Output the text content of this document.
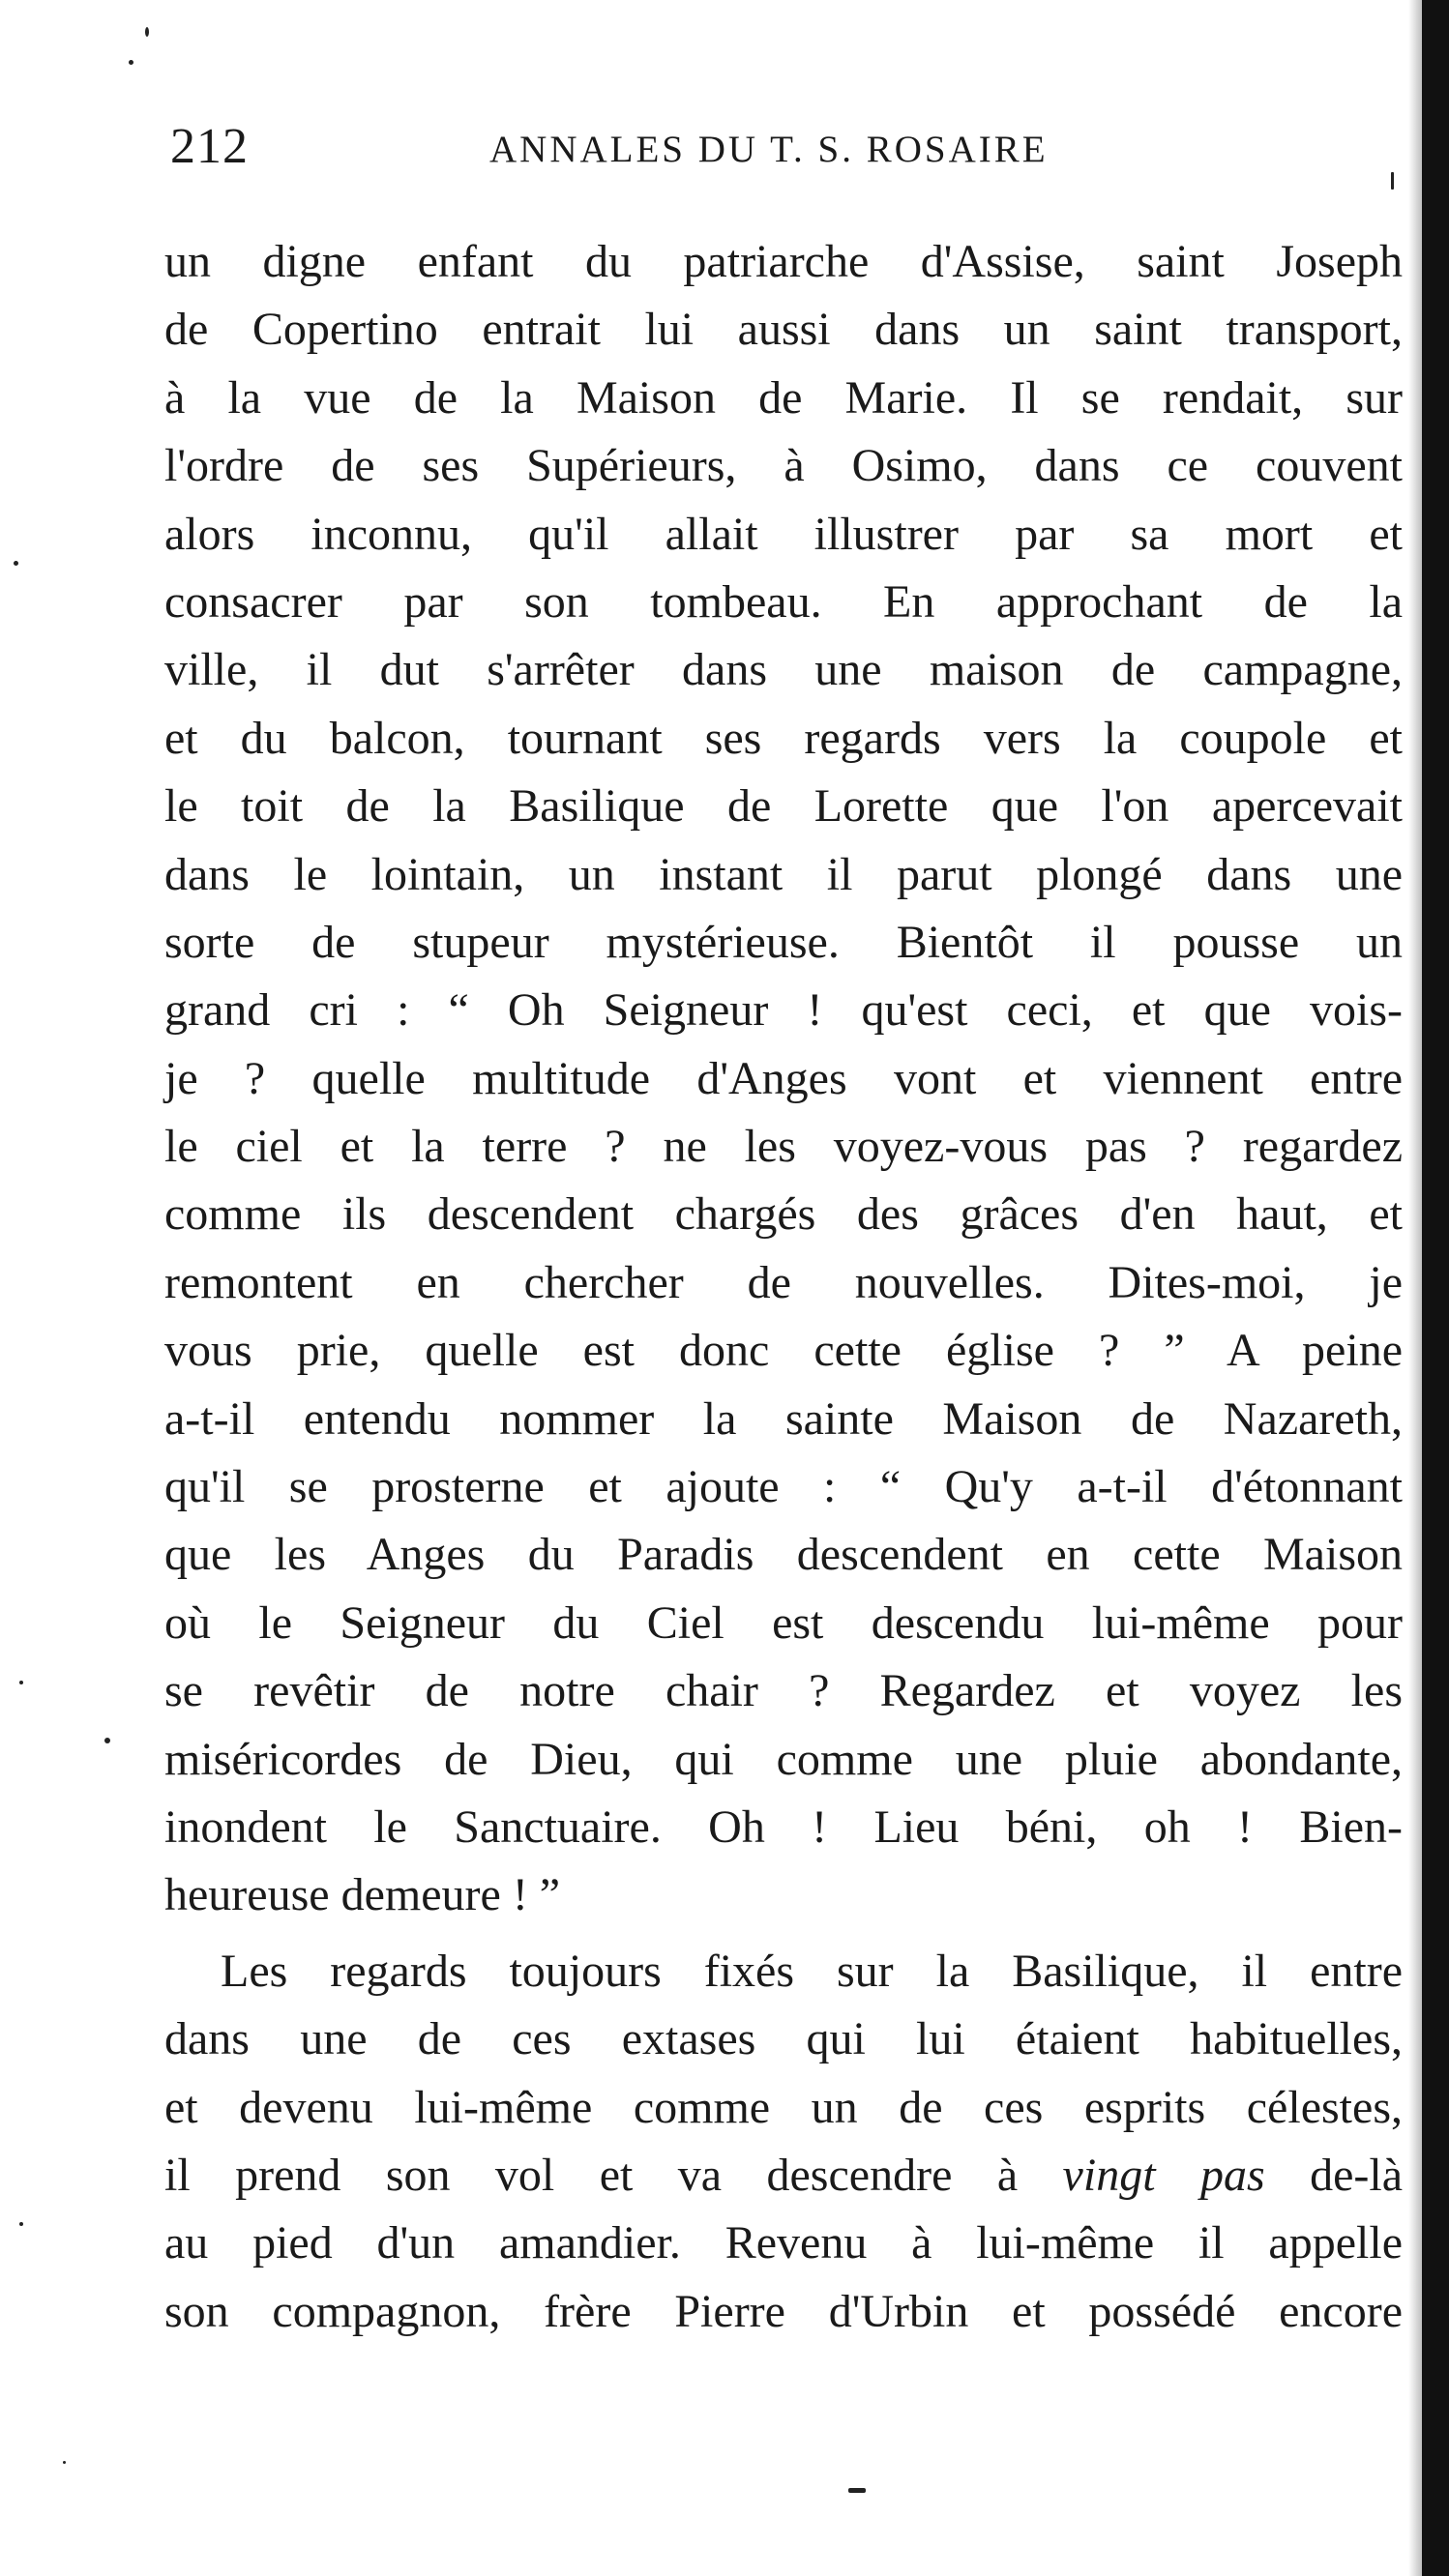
212	ANNALES DU T. S. ROSAIRE
un digne enfant du patriarche d'Assise, saint Joseph
de Copertino entrait lui aussi dans un saint transport,
à la vue de la Maison de Marie. Il se rendait, sur
l'ordre de ses Supérieurs, à Osimo, dans ce couvent
alors inconnu, qu'il allait illustrer par sa mort et
consacrer par son tombeau. En approchant de la
ville, il dut s'arrêter dans une maison de campagne,
et du balcon, tournant ses regards vers la coupole et
le toit de la Basilique de Lorette que l'on apercevait
dans le lointain, un instant il parut plongé dans une
sorte de stupeur mystérieuse. Bientôt il pousse un
grand cri : “ Oh Seigneur ! qu'est ceci, et que vois-
je ? quelle multitude d'Anges vont et viennent entre
le ciel et la terre ? ne les voyez-vous pas ? regardez
comme ils descendent chargés des grâces d'en haut, et
remontent en chercher de nouvelles. Dites-moi, je
vous prie, quelle est donc cette église ? ” A peine
a-t-il entendu nommer la sainte Maison de Nazareth,
qu'il se prosterne et ajoute : “ Qu'y a-t-il d'étonnant
que les Anges du Paradis descendent en cette Maison
où le Seigneur du Ciel est descendu lui-même pour
se revêtir de notre chair ? Regardez et voyez les
miséricordes de Dieu, qui comme une pluie abondante,
inondent le Sanctuaire. Oh ! Lieu béni, oh ! Bien-
heureuse demeure ! ”
Les regards toujours fixés sur la Basilique, il entre
dans une de ces extases qui lui étaient habituelles,
et devenu lui-même comme un de ces esprits célestes,
il prend son vol et va descendre à vingt pas de-là
au pied d'un amandier. Revenu à lui-même il appelle
son compagnon, frère Pierre d'Urbin et possédé encore
